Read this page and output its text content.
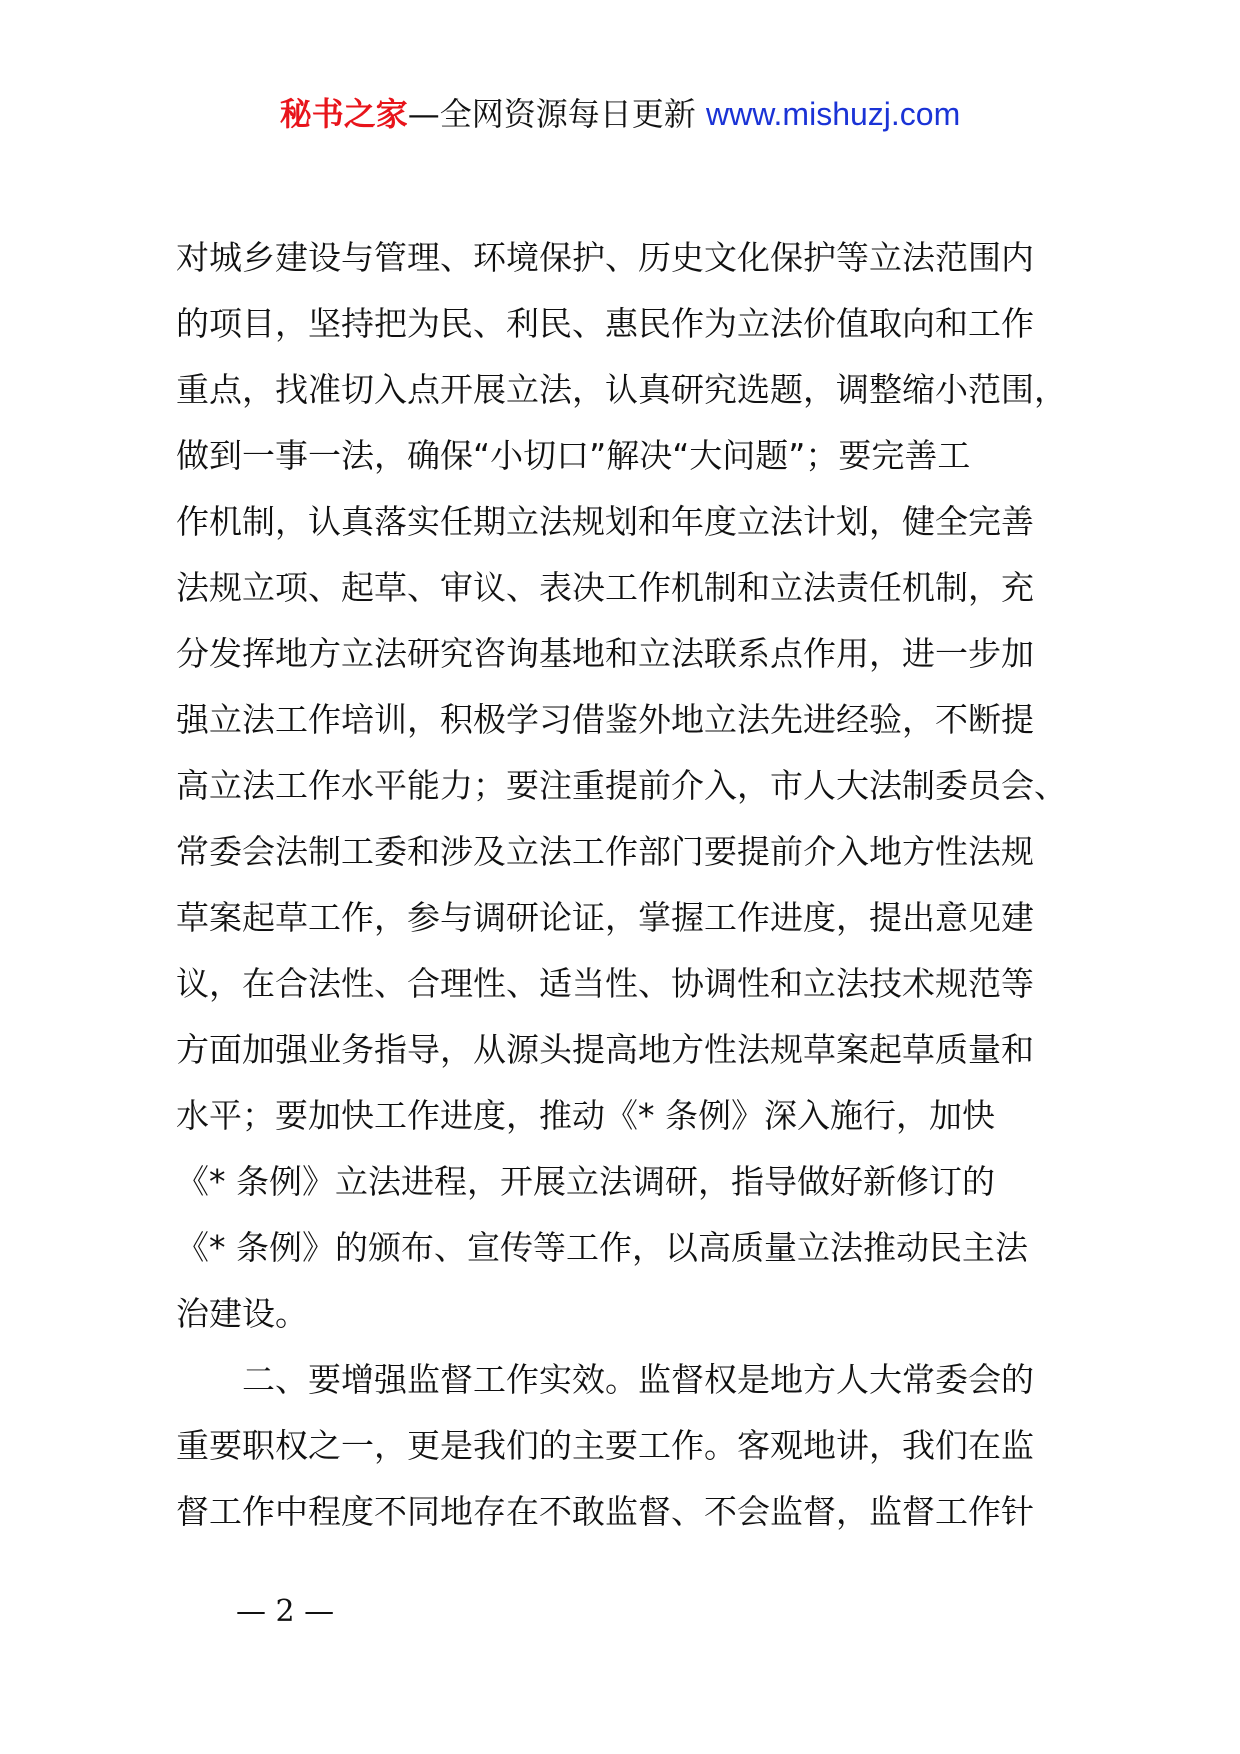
秘书之家—全网资源每日更新 www.mishuzj.com
对城乡建设与管理、环境保护、历史文化保护等立法范围内
的项目，坚持把为民、利民、惠民作为立法价值取向和工作
重点，找准切入点开展立法，认真研究选题，调整缩小范围，
做到一事一法，确保“小切口”解决“大问题”；要完善工
作机制，认真落实任期立法规划和年度立法计划，健全完善
法规立项、起草、审议、表决工作机制和立法责任机制，充
分发挥地方立法研究咨询基地和立法联系点作用，进一步加
强立法工作培训，积极学习借鉴外地立法先进经验，不断提
高立法工作水平能力；要注重提前介入，市人大法制委员会、
常委会法制工委和涉及立法工作部门要提前介入地方性法规
草案起草工作，参与调研论证，掌握工作进度，提出意见建
议，在合法性、合理性、适当性、协调性和立法技术规范等
方面加强业务指导，从源头提高地方性法规草案起草质量和
水平；要加快工作进度，推动《* 条例》深入施行，加快
《* 条例》立法进程，开展立法调研，指导做好新修订的
《* 条例》的颁布、宣传等工作，以高质量立法推动民主法
治建设。
二、要增强监督工作实效。监督权是地方人大常委会的
重要职权之一，更是我们的主要工作。客观地讲，我们在监
督工作中程度不同地存在不敢监督、不会监督，监督工作针
— 2 —
